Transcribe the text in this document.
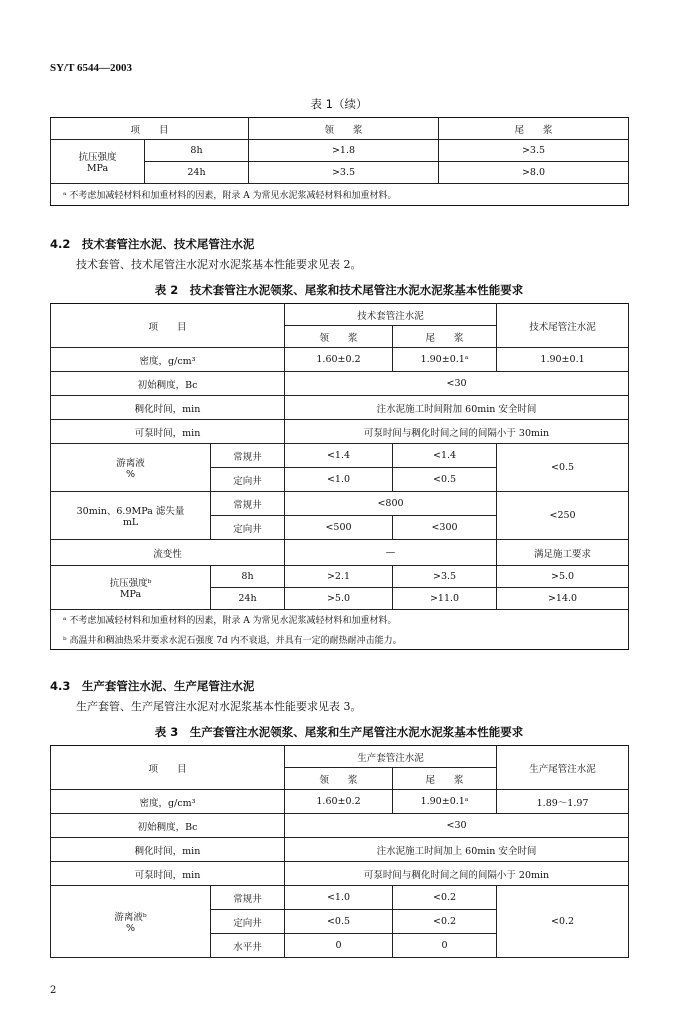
SY/T 6544—2003
表 1（续）
项　　目		领　　浆	尾　　浆

抗压强度
MPa	8h	>1.8	>3.5
	24h	>3.5	>8.0
ᵃ 不考虑加减轻材料和加重材料的因素，附录 A 为常见水泥浆减轻材料和加重材料。			
4.2　技术套管注水泥、技术尾管注水泥
技术套管、技术尾管注水泥对水泥浆基本性能要求见表 2。
表 2　技术套管注水泥领浆、尾浆和技术尾管注水泥水泥浆基本性能要求
项　　目		技术套管注水泥		技术尾管注水泥
		领　　浆	尾　　浆	
密度，g/cm³		1.60±0.2	1.90±0.1ᵃ	1.90±0.1
初始稠度，Bc		<30		
稠化时间，min		注水泥施工时间附加 60min 安全时间		
可泵时间，min		可泵时间与稠化时间之间的间隔小于 30min		

游离液
%	常规井	<1.4	<1.4	<0.5
	定向井	<1.0	<0.5	

30min、6.9MPa 滤失量
mL	常规井	<800		<250
	定向井	<500	<300	
流变性		—		满足施工要求

抗压强度ᵇ
MPa	8h	>2.1	>3.5	>5.0
	24h	>5.0	>11.0	>14.0
ᵃ 不考虑加减轻材料和加重材料的因素，附录 A 为常见水泥浆减轻材料和加重材料。				
ᵇ 高温井和稠油热采井要求水泥石强度 7d 内不衰退，并具有一定的耐热耐冲击能力。				
4.3　生产套管注水泥、生产尾管注水泥
生产套管、生产尾管注水泥对水泥浆基本性能要求见表 3。
表 3　生产套管注水泥领浆、尾浆和生产尾管注水泥水泥浆基本性能要求
项　　目		生产套管注水泥		生产尾管注水泥
		领　　浆	尾　　浆	
密度，g/cm³		1.60±0.2	1.90±0.1ᵃ	1.89～1.97
初始稠度，Bc		<30		
稠化时间，min		注水泥施工时间加上 60min 安全时间		
可泵时间，min		可泵时间与稠化时间之间的间隔小于 20min		

游离液ᵇ
%	常规井	<1.0	<0.2	<0.2
	定向井	<0.5	<0.2	
	水平井	0	0	
2
